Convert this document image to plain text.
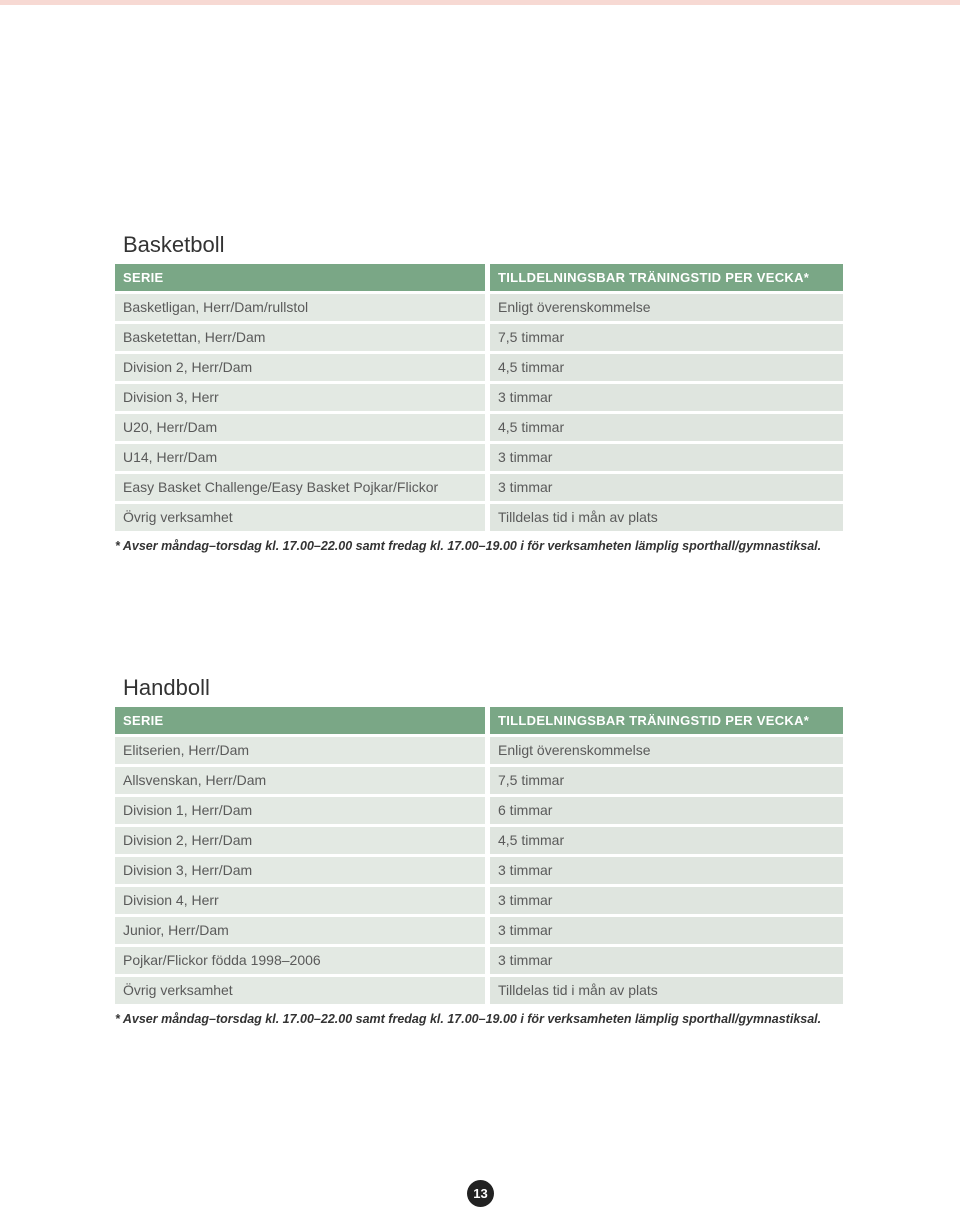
Basketboll
SERIE	TILLDELNINGSBAR TRÄNINGSTID PER VECKA*
Basketligan, Herr/Dam/rullstol	Enligt överenskommelse
Basketettan, Herr/Dam	7,5 timmar
Division 2, Herr/Dam	4,5 timmar
Division 3, Herr	3 timmar
U20, Herr/Dam	4,5 timmar
U14, Herr/Dam	3 timmar
Easy Basket Challenge/Easy Basket Pojkar/Flickor	3 timmar
Övrig verksamhet	Tilldelas tid i mån av plats
* Avser måndag–torsdag kl. 17.00–22.00 samt fredag kl. 17.00–19.00 i för verksamheten lämplig sporthall/gymnastiksal.
Handboll
SERIE	TILLDELNINGSBAR TRÄNINGSTID PER VECKA*
Elitserien, Herr/Dam	Enligt överenskommelse
Allsvenskan, Herr/Dam	7,5 timmar
Division 1, Herr/Dam	6 timmar
Division 2, Herr/Dam	4,5 timmar
Division 3, Herr/Dam	3 timmar
Division 4, Herr	3 timmar
Junior, Herr/Dam	3 timmar
Pojkar/Flickor födda 1998–2006	3 timmar
Övrig verksamhet	Tilldelas tid i mån av plats
* Avser måndag–torsdag kl. 17.00–22.00 samt fredag kl. 17.00–19.00 i för verksamheten lämplig sporthall/gymnastiksal.
13
